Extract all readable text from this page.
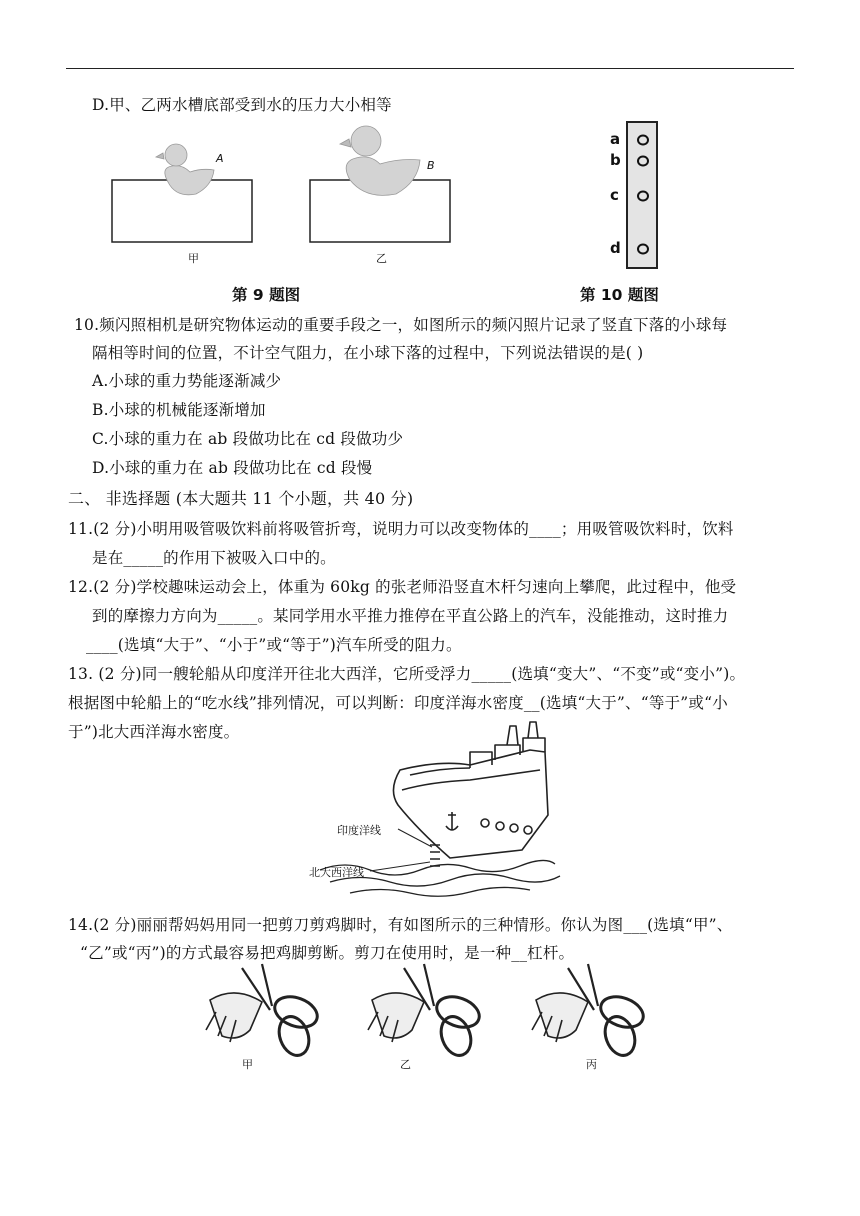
D.甲、乙两水槽底部受到水的压力大小相等
A
B
甲	乙
第 9 题图
a
b
c
d
第 10 题图
10.频闪照相机是研究物体运动的重要手段之一，如图所示的频闪照片记录了竖直下落的小球每
隔相等时间的位置，不计空气阻力，在小球下落的过程中，下列说法错误的是( )
A.小球的重力势能逐渐减少
B.小球的机械能逐渐增加
C.小球的重力在 ab 段做功比在 cd 段做功少
D.小球的重力在 ab 段做功比在 cd 段慢
二、 非选择题 (本大题共 11 个小题，共 40 分)
11.(2 分)小明用吸管吸饮料前将吸管折弯，说明力可以改变物体的____；用吸管吸饮料时，饮料
是在_____的作用下被吸入口中的。
12.(2 分)学校趣味运动会上，体重为 60kg 的张老师沿竖直木杆匀速向上攀爬，此过程中，他受
到的摩擦力方向为_____。某同学用水平推力推停在平直公路上的汽车，没能推动，这时推力
____(选填“大于”、“小于”或“等于”)汽车所受的阻力。
13. (2 分)同一艘轮船从印度洋开往北大西洋，它所受浮力_____(选填“变大”、“不变”或“变小”)。
根据图中轮船上的“吃水线”排列情况，可以判断：印度洋海水密度__(选填“大于”、“等于”或“小
于”)北大西洋海水密度。
印度洋线
北大西洋线
14.(2 分)丽丽帮妈妈用同一把剪刀剪鸡脚时，有如图所示的三种情形。你认为图___(选填“甲”、
“乙”或“丙”)的方式最容易把鸡脚剪断。剪刀在使用时，是一种__杠杆。
甲	乙	丙
